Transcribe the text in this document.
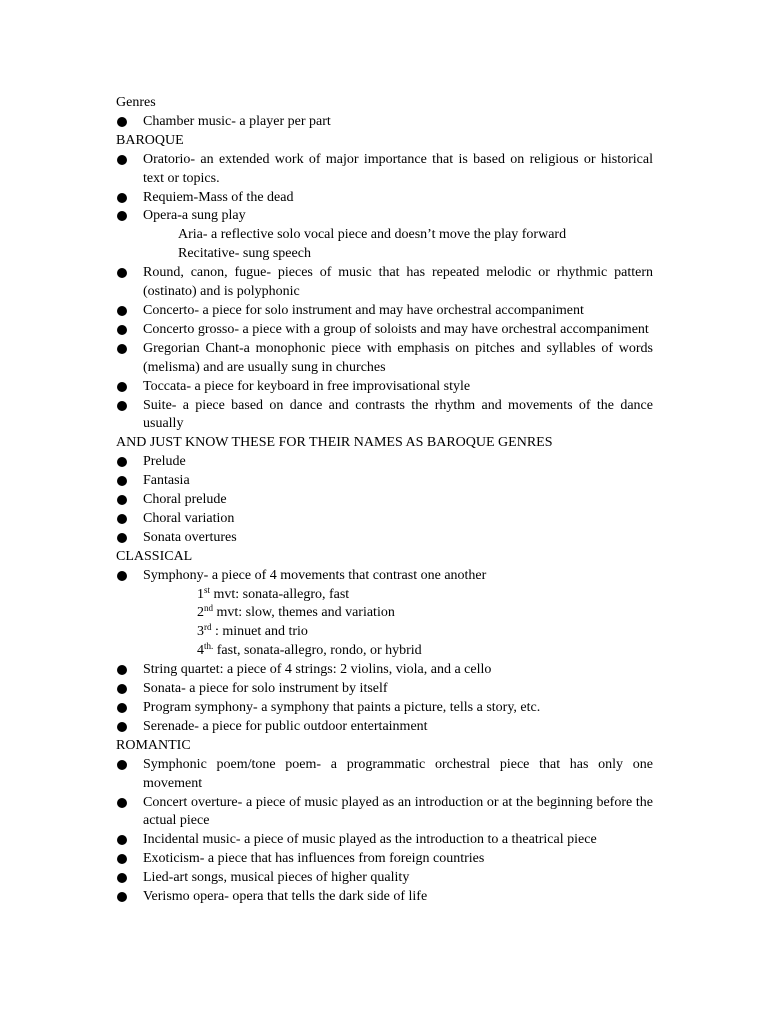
Genres
Chamber music- a player per part
BAROQUE
Oratorio- an extended work of major importance that is based on religious or historical text or topics.
Requiem-Mass of the dead
Opera-a sung play
Aria- a reflective solo vocal piece and doesn’t move the play forward
Recitative- sung speech
Round, canon, fugue- pieces of music that has repeated melodic or rhythmic pattern (ostinato) and is polyphonic
Concerto- a piece for solo instrument and may have orchestral accompaniment
Concerto grosso- a piece with a group of soloists and may have orchestral accompaniment
Gregorian Chant-a monophonic piece with emphasis on pitches and syllables of words (melisma) and are usually sung in churches
Toccata- a piece for keyboard in free improvisational style
Suite- a piece based on dance and contrasts the rhythm and movements of the dance usually
AND JUST KNOW THESE FOR THEIR NAMES AS BAROQUE GENRES
Prelude
Fantasia
Choral prelude
Choral variation
Sonata overtures
CLASSICAL
Symphony- a piece of 4 movements that contrast one another
1st mvt: sonata-allegro, fast
2nd mvt: slow, themes and variation
3rd : minuet and trio
$4^{th.}$ fast, sonata-allegro, rondo, or hybrid
String quartet: a piece of 4 strings: 2 violins, viola, and a cello
Sonata- a piece for solo instrument by itself
Program symphony- a symphony that paints a picture, tells a story, etc.
Serenade- a piece for public outdoor entertainment
ROMANTIC
Symphonic poem/tone poem- a programmatic orchestral piece that has only one movement
Concert overture- a piece of music played as an introduction or at the beginning before the actual piece
Incidental music- a piece of music played as the introduction to a theatrical piece
Exoticism- a piece that has influences from foreign countries
Lied-art songs, musical pieces of higher quality
Verismo opera- opera that tells the dark side of life
